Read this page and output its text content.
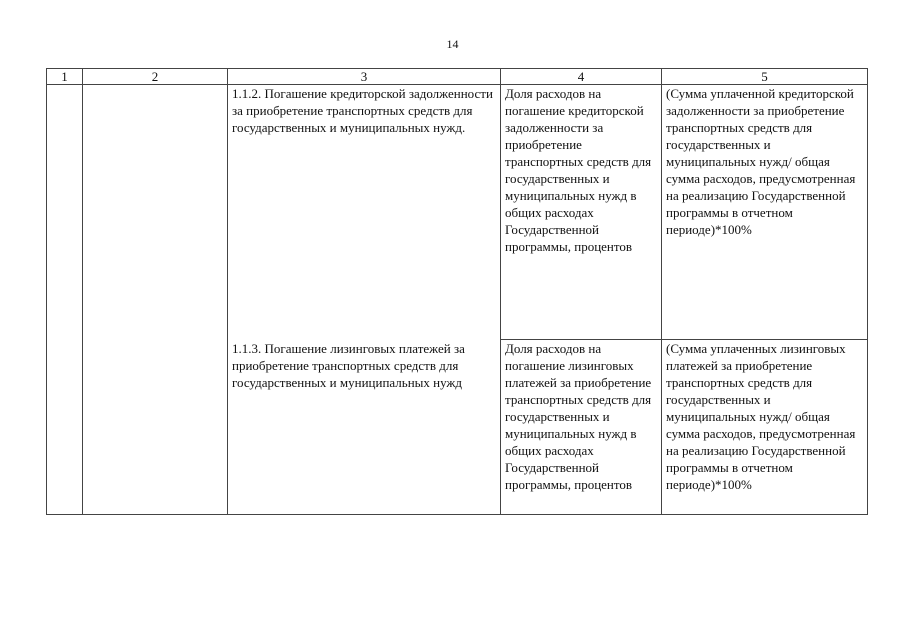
14
1	2	3	4	5
		1.1.2. Погашение кредиторской задолженности за приобретение транспортных средств для государственных и муниципальных нужд.	Доля расходов на погашение кредиторской задолженности за приобретение транспортных средств для государственных и муниципальных нужд в общих расходах Государственной программы, процентов	(Сумма уплаченной кредиторской задолженности за приобретение транспортных средств для государственных и муниципальных нужд/ общая сумма расходов, предусмотренная на реализацию Государственной программы в отчетном периоде)*100%
		1.1.3. Погашение лизинговых платежей за приобретение транспортных средств для государственных и муниципальных нужд	Доля расходов на погашение лизинговых платежей за приобретение транспортных средств для государственных и муниципальных нужд в общих расходах Государственной программы, процентов	(Сумма уплаченных лизинговых платежей за приобретение транспортных средств для государственных и муниципальных нужд/ общая сумма расходов, предусмотренная на реализацию Государственной программы в отчетном периоде)*100%
